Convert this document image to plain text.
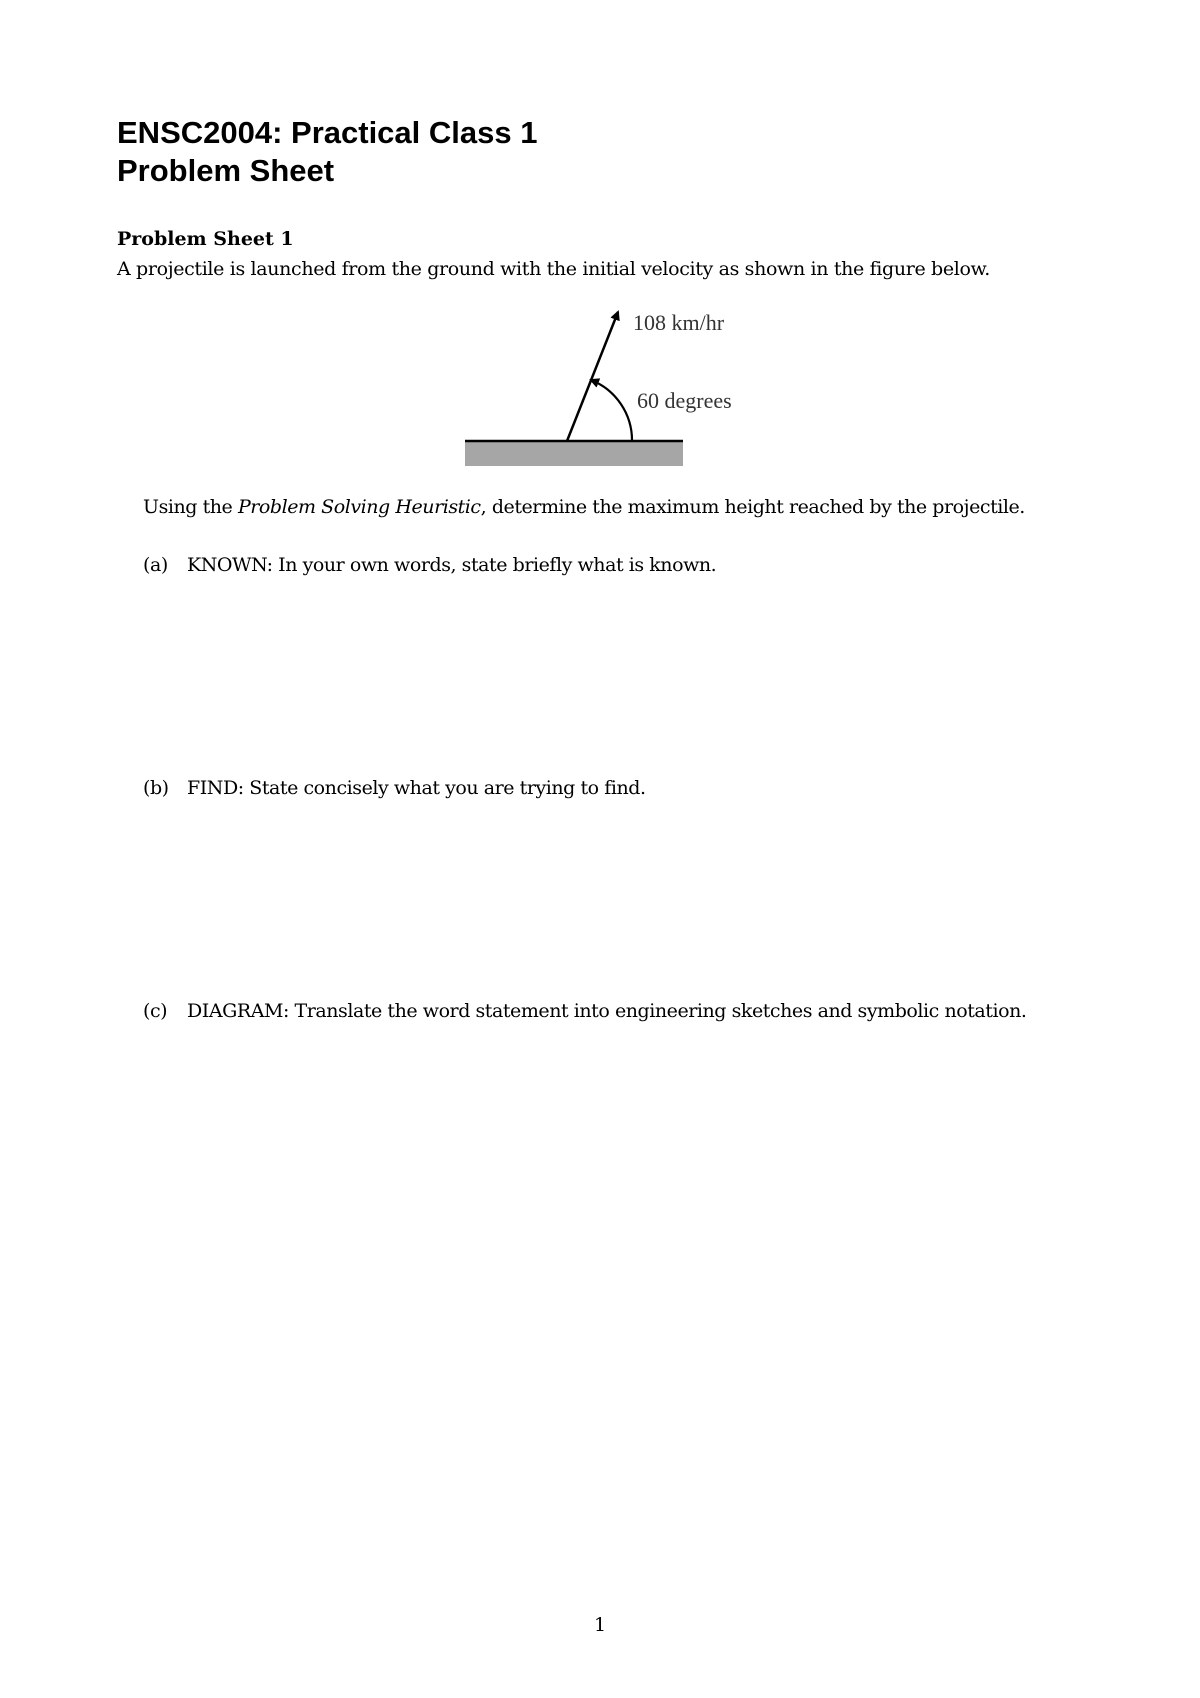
ENSC2004: Practical Class 1
Problem Sheet

Problem Sheet 1

A projectile is launched from the ground with the initial velocity as shown in the figure below.

108 km/hr
60 degrees

Using the Problem Solving Heuristic, determine the maximum height reached by the projectile.

(a) KNOWN: In your own words, state briefly what is known.

(b) FIND: State concisely what you are trying to find.

(c) DIAGRAM: Translate the word statement into engineering sketches and symbolic notation.

1
